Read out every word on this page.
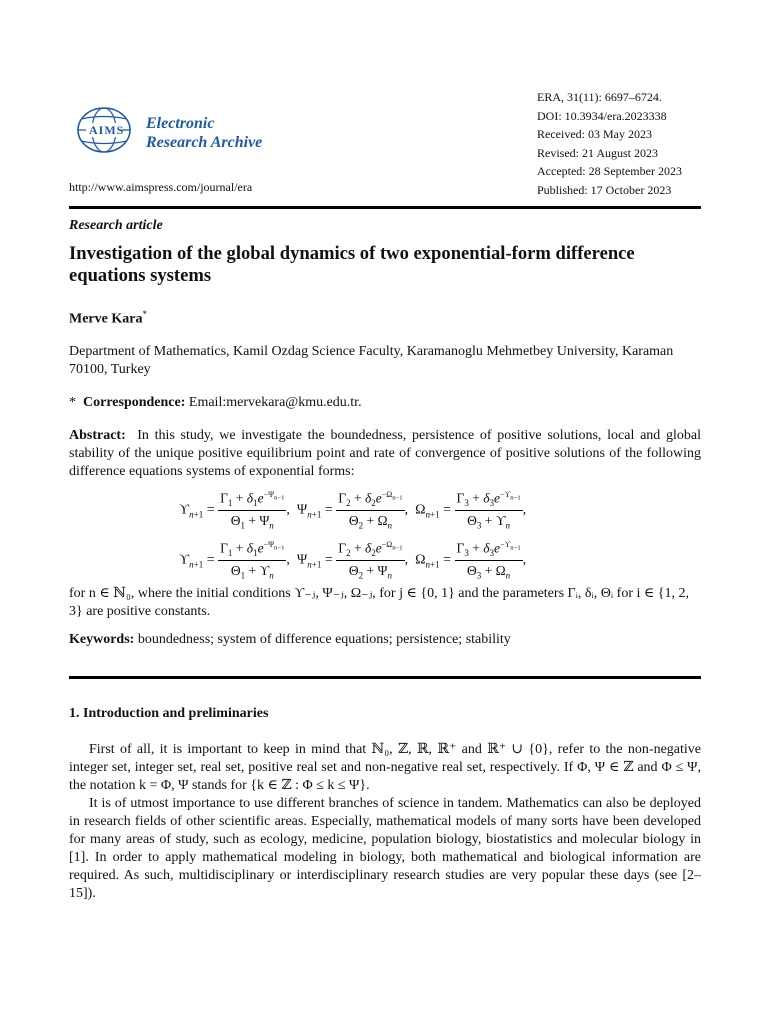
AIMS Electronic
Research Archive
http://www.aimspress.com/journal/era
ERA, 31(11): 6697–6724.
DOI: 10.3934/era.2023338
Received: 03 May 2023
Revised: 21 August 2023
Accepted: 28 September 2023
Published: 17 October 2023
Research article
Investigation of the global dynamics of two exponential-form difference equations systems
Merve Kara*
Department of Mathematics, Kamil Ozdag Science Faculty, Karamanoglu Mehmetbey University, Karaman 70100, Turkey
* Correspondence: Email:mervekara@kmu.edu.tr.
Abstract: In this study, we investigate the boundedness, persistence of positive solutions, local and global stability of the unique positive equilibrium point and rate of convergence of positive solutions of the following difference equations systems of exponential forms:
$ϒ_{n+1} = \frac{\Gamma_1 + \delta_1e^{-\Psi_{n-1}}}{\Theta_1 + \Psi_n}$ ,  $\Psi_{n+1} = \frac{\Gamma_2 + \delta_2e^{-\Omega_{n-1}}}{\Theta_2 + \Omega_n}$ ,  $\Omega_{n+1} = \frac{\Gamma_3 + \delta_3e^{-ϒ_{n-1}}}{\Theta_3 + ϒ_n}$ ,
$ϒ_{n+1} = \frac{\Gamma_1 + \delta_1e^{-\Psi_{n-1}}}{\Theta_1 + ϒ_n}$ ,  $\Psi_{n+1} = \frac{\Gamma_2 + \delta_2e^{-\Omega_{n-1}}}{\Theta_2 + \Psi_n}$ ,  $\Omega_{n+1} = \frac{\Gamma_3 + \delta_3e^{-ϒ_{n-1}}}{\Theta_3 + \Omega_n}$ ,
for n ∈ ℕ₀, where the initial conditions ϒ₋ⱼ, Ψ₋ⱼ, Ω₋ⱼ, for j ∈ {0, 1} and the parameters Γᵢ, δᵢ, Θᵢ for i ∈ {1, 2, 3} are positive constants.
Keywords: boundedness; system of difference equations; persistence; stability
1. Introduction and preliminaries

First of all, it is important to keep in mind that ℕ₀, ℤ, ℝ, ℝ⁺ and ℝ⁺ ∪ {0}, refer to the non-negative integer set, integer set, real set, positive real set and non-negative real set, respectively. If Φ, Ψ ∈ ℤ and Φ ≤ Ψ, the notation k = Φ, Ψ stands for {k ∈ ℤ : Φ ≤ k ≤ Ψ}.

It is of utmost importance to use different branches of science in tandem. Mathematics can also be deployed in research fields of other scientific areas. Especially, mathematical models of many sorts have been developed for many areas of study, such as ecology, medicine, population biology, biostatistics and molecular biology in [1]. In order to apply mathematical modeling in biology, both mathematical and biological information are required. As such, multidisciplinary or interdisciplinary research studies are very popular these days (see [2–15]).
